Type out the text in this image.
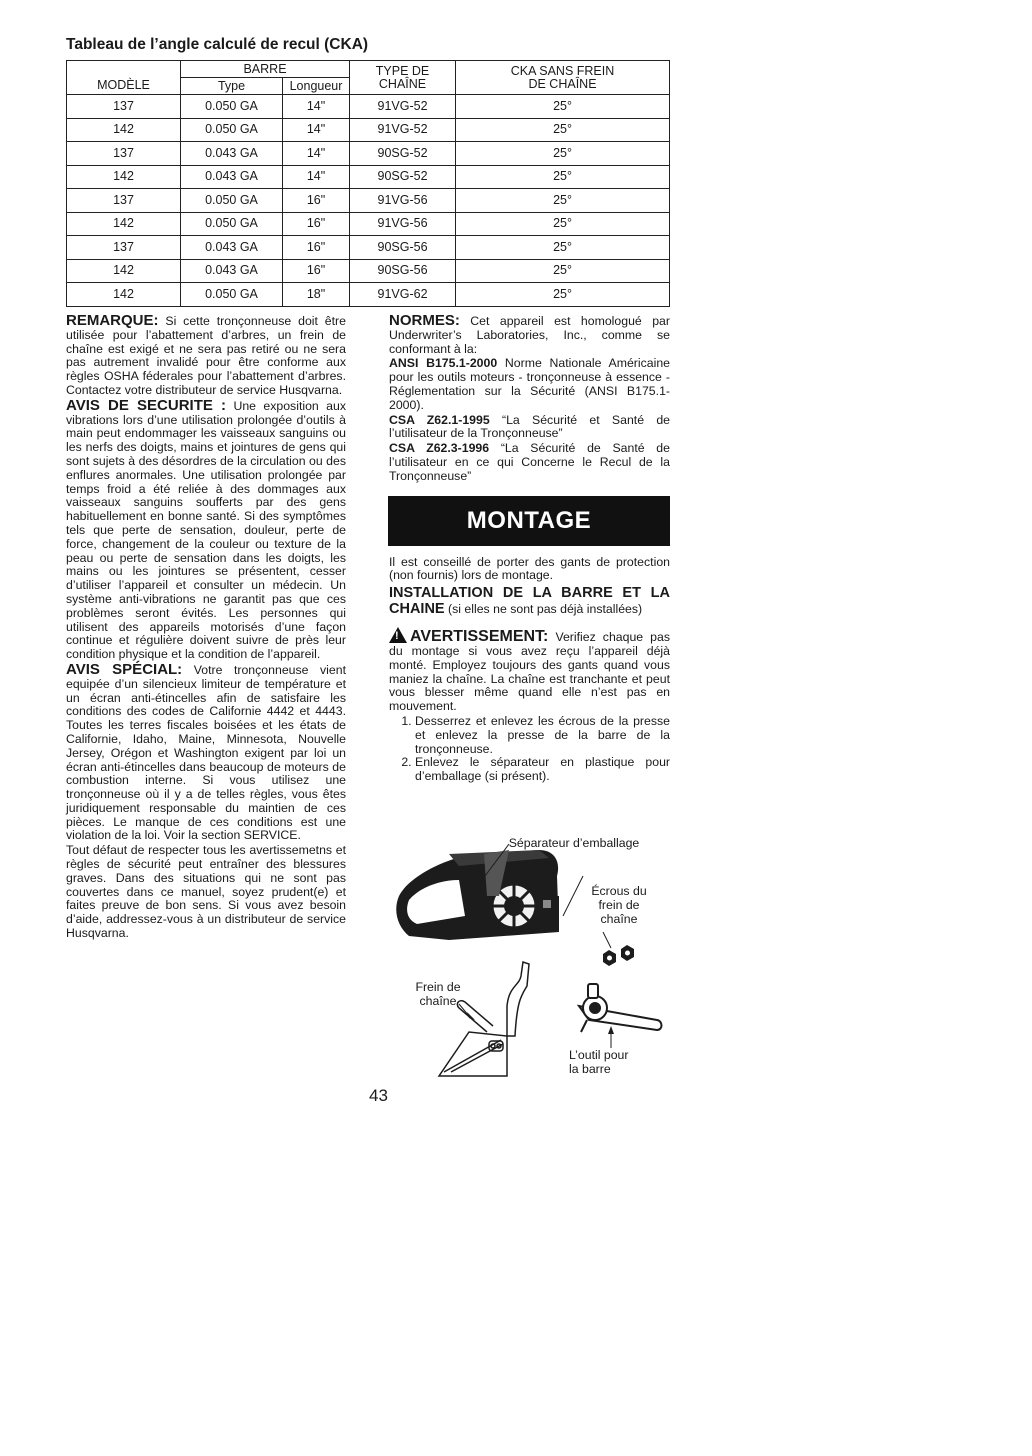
Tableau de l’angle calculé de recul (CKA)
MODÈLE	BARRE		TYPE DE CHAÎNE	CKA SANS FREIN DE CHAÎNE
	Type	Longueur		
137	0.050 GA	14"	91VG-52	25°
142	0.050 GA	14"	91VG-52	25°
137	0.043 GA	14"	90SG-52	25°
142	0.043 GA	14"	90SG-52	25°
137	0.050 GA	16"	91VG-56	25°
142	0.050 GA	16"	91VG-56	25°
137	0.043 GA	16"	90SG-56	25°
142	0.043 GA	16"	90SG-56	25°
142	0.050 GA	18"	91VG-62	25°

REMARQUE: Si cette tronçonneuse doit être utilisée pour l’abattement d’arbres, un frein de chaîne est exigé et ne sera pas retiré ou ne sera pas autrement invalidé pour être conforme aux règles OSHA féderales pour l’abattement d’arbres. Contactez votre distributeur de service Husqvarna.

AVIS DE SECURITE : Une exposition aux vibrations lors d’une utilisation prolongée d’outils à main peut endommager les vaisseaux sanguins ou les nerfs des doigts, mains et jointures de gens qui sont sujets à des désordres de la circulation ou des enflures anormales. Une utilisation prolongée par temps froid a été reliée à des dommages aux vaisseaux sanguins soufferts par des gens habituellement en bonne santé. Si des symptômes tels que perte de sensation, douleur, perte de force, changement de la couleur ou texture de la peau ou perte de sensation dans les doigts, les mains ou les jointures se présentent, cesser d’utiliser l’appareil et consulter un médecin. Un système anti-vibrations ne garantit pas que ces problèmes seront évités. Les personnes qui utilisent des appareils motorisés d’une façon continue et régulière doivent suivre de près leur condition physique et la condition de l’appareil.

AVIS SPÉCIAL: Votre tronçonneuse vient equipée d’un silencieux limiteur de température et un écran anti-étincelles afin de satisfaire les conditions des codes de Californie 4442 et 4443. Toutes les terres fiscales boisées et les états de Californie, Idaho, Maine, Minnesota, Nouvelle Jersey, Orégon et Washington exigent par loi un écran anti-étincelles dans beaucoup de moteurs de combustion interne. Si vous utilisez une tronçonneuse où il y a de telles règles, vous êtes juridiquement responsable du maintien de ces pièces. Le manque de ces conditions est une violation de la loi. Voir la section SERVICE.

Tout défaut de respecter tous les avertissemetns et règles de sécurité peut entraîner des blessures graves. Dans des situations qui ne sont pas couvertes dans ce manuel, soyez prudent(e) et faites preuve de bon sens. Si vous avez besoin d’aide, addressez-vous à un distributeur de service Husqvarna.

NORMES: Cet appareil est homologué par Underwriter’s Laboratories, Inc., comme se conformant à la:

ANSI B175.1-2000 Norme Nationale Américaine pour les outils moteurs - tronçonneuse à essence - Réglementation sur la Sécurité (ANSI B175.1-2000).

CSA Z62.1-1995 “La Sécurité et Santé de l’utilisateur de la Tronçonneuse”

CSA Z62.3-1996 “La Sécurité de Santé de l’utilisateur en ce qui Concerne le Recul de la Tronçonneuse”

MONTAGE

Il est conseillé de porter des gants de protection (non fournis) lors de montage.

INSTALLATION DE LA BARRE ET LA CHAINE (si elles ne sont pas déjà installées)

! AVERTISSEMENT: Verifiez chaque pas du montage si vous avez reçu l’appareil déjà monté. Employez toujours des gants quand vous maniez la chaîne. La chaîne est tranchante et peut vous blesser même quand elle n’est pas en mouvement.

1. Desserrez et enlevez les écrous de la presse et enlevez la presse de la barre de la tronçonneuse.
2. Enlevez le séparateur en plastique pour d’emballage (si présent).
Séparateur d’emballage
Écrous du
frein de
chaîne
Frein de
chaîne
L’outil pour
la barre
43
